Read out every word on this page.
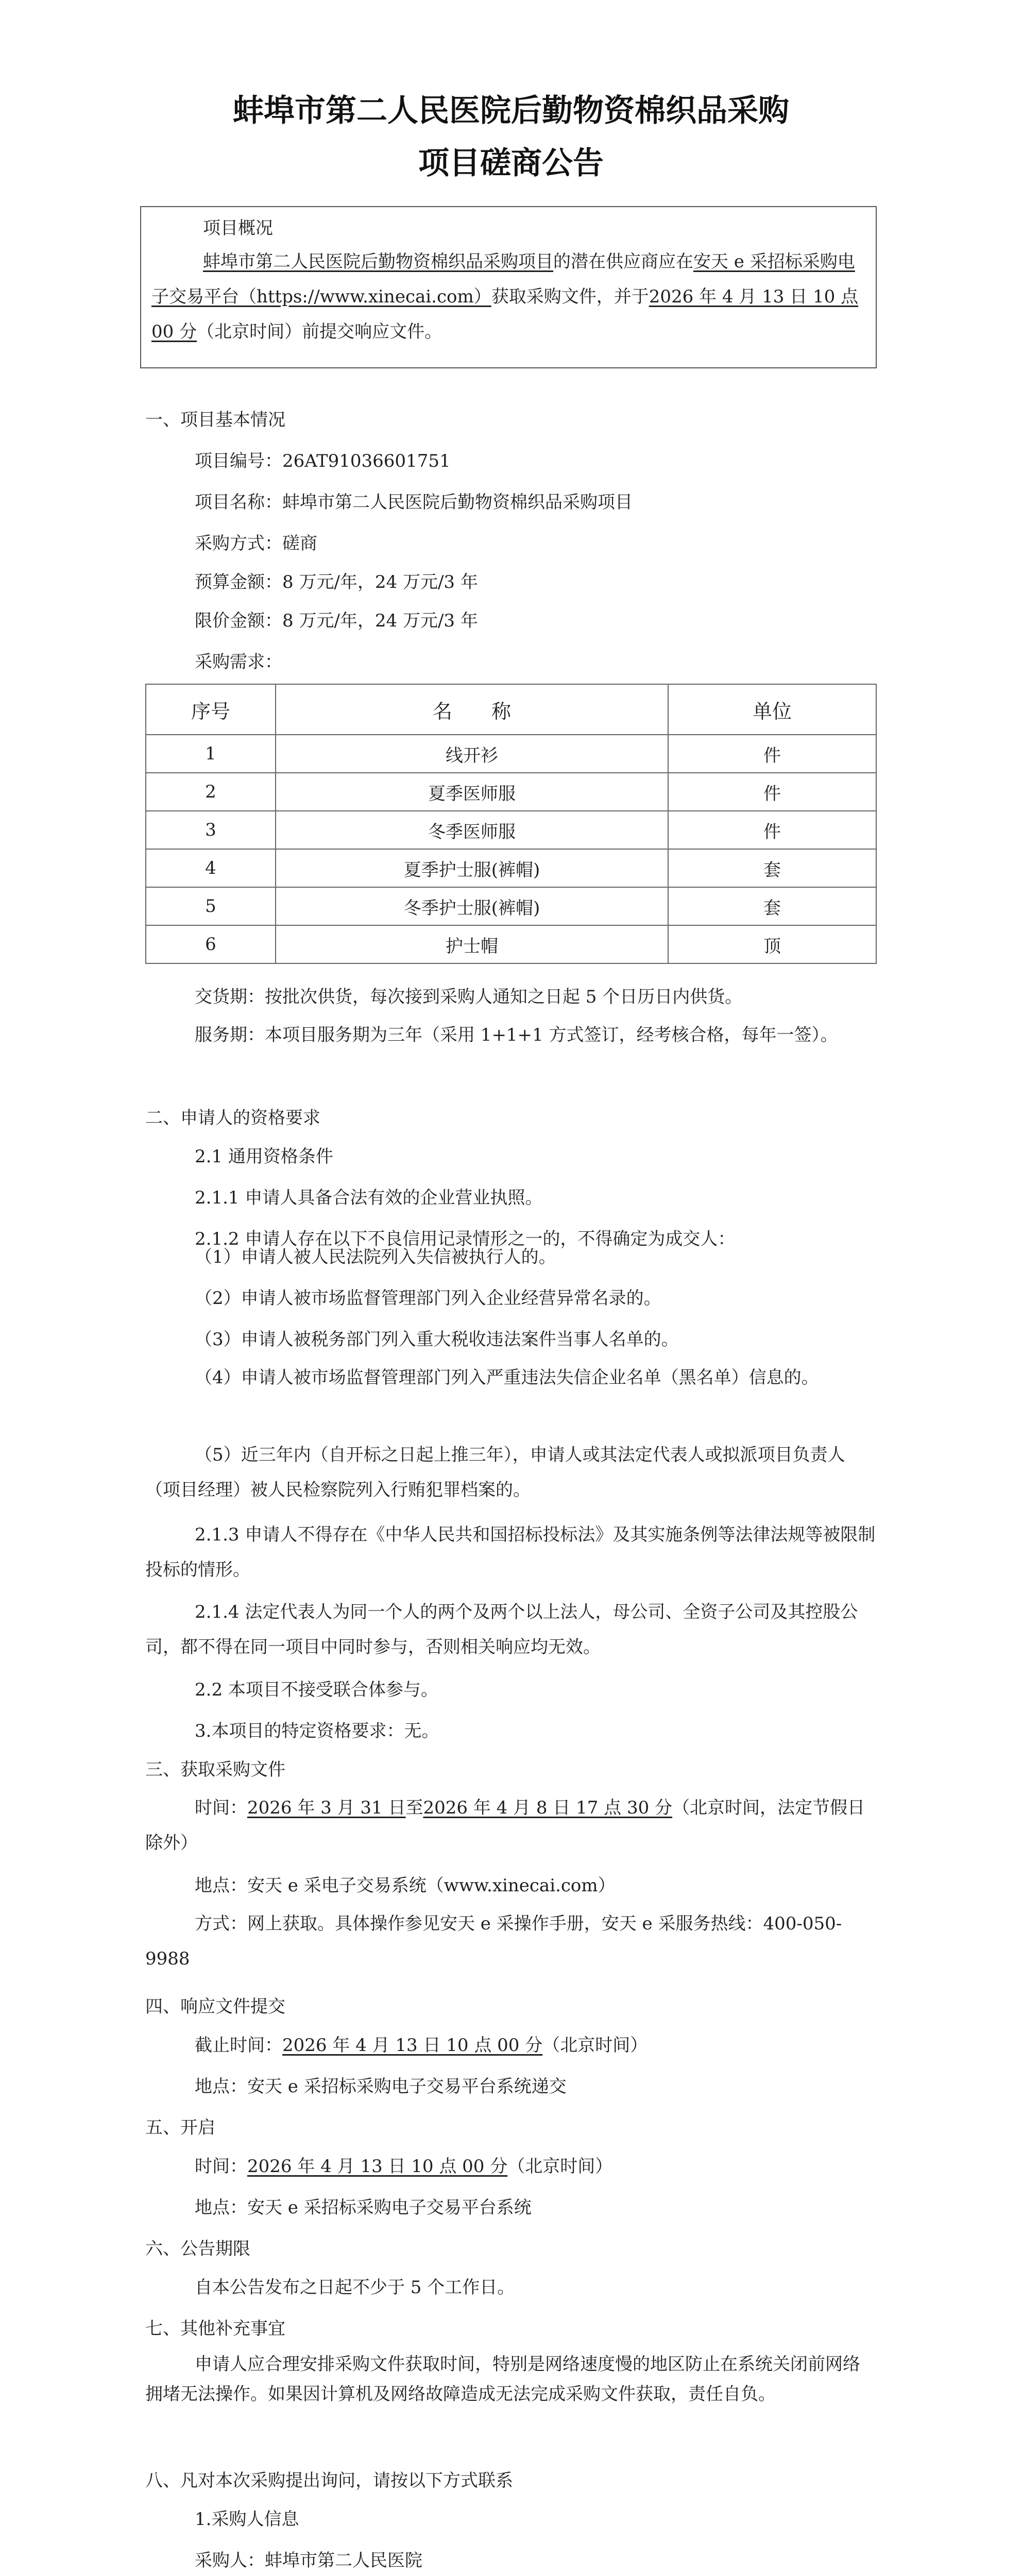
蚌埠市第二人民医院后勤物资棉织品采购
项目磋商公告
项目概况
蚌埠市第二人民医院后勤物资棉织品采购项目的潜在供应商应在安天 e 采招标采购电子交易平台（https://www.xinecai.com）获取采购文件，并于2026 年 4 月 13 日 10 点 00 分（北京时间）前提交响应文件。
一、项目基本情况
项目编号：26AT91036601751
项目名称：蚌埠市第二人民医院后勤物资棉织品采购项目
采购方式：磋商
预算金额：8 万元/年，24 万元/3 年
限价金额：8 万元/年，24 万元/3 年
采购需求：
序号	名　　称	单位
1	线开衫	件
2	夏季医师服	件
3	冬季医师服	件
4	夏季护士服(裤帽)	套
5	冬季护士服(裤帽)	套
6	护士帽	顶
交货期：按批次供货，每次接到采购人通知之日起 5 个日历日内供货。
服务期：本项目服务期为三年（采用 1+1+1 方式签订，经考核合格，每年一签）。
二、申请人的资格要求
2.1 通用资格条件
2.1.1 申请人具备合法有效的企业营业执照。
2.1.2 申请人存在以下不良信用记录情形之一的，不得确定为成交人：
（1）申请人被人民法院列入失信被执行人的。
（2）申请人被市场监督管理部门列入企业经营异常名录的。
（3）申请人被税务部门列入重大税收违法案件当事人名单的。
（4）申请人被市场监督管理部门列入严重违法失信企业名单（黑名单）信息的。
（5）近三年内（自开标之日起上推三年），申请人或其法定代表人或拟派项目负责人（项目经理）被人民检察院列入行贿犯罪档案的。
2.1.3 申请人不得存在《中华人民共和国招标投标法》及其实施条例等法律法规等被限制投标的情形。
2.1.4 法定代表人为同一个人的两个及两个以上法人，母公司、全资子公司及其控股公司，都不得在同一项目中同时参与，否则相关响应均无效。
2.2 本项目不接受联合体参与。
3.本项目的特定资格要求：无。
三、获取采购文件
时间：2026 年 3 月 31 日至2026 年 4 月 8 日 17 点 30 分（北京时间，法定节假日除外）
地点：安天 e 采电子交易系统（www.xinecai.com）
方式：网上获取。具体操作参见安天 e 采操作手册，安天 e 采服务热线：400-050-9988
四、响应文件提交
截止时间：2026 年 4 月 13 日 10 点 00 分（北京时间）
地点：安天 e 采招标采购电子交易平台系统递交
五、开启
时间：2026 年 4 月 13 日 10 点 00 分（北京时间）
地点：安天 e 采招标采购电子交易平台系统
六、公告期限
自本公告发布之日起不少于 5 个工作日。
七、其他补充事宜
申请人应合理安排采购文件获取时间，特别是网络速度慢的地区防止在系统关闭前网络拥堵无法操作。如果因计算机及网络故障造成无法完成采购文件获取，责任自负。
八、凡对本次采购提出询问，请按以下方式联系
1.采购人信息
采购人：蚌埠市第二人民医院
